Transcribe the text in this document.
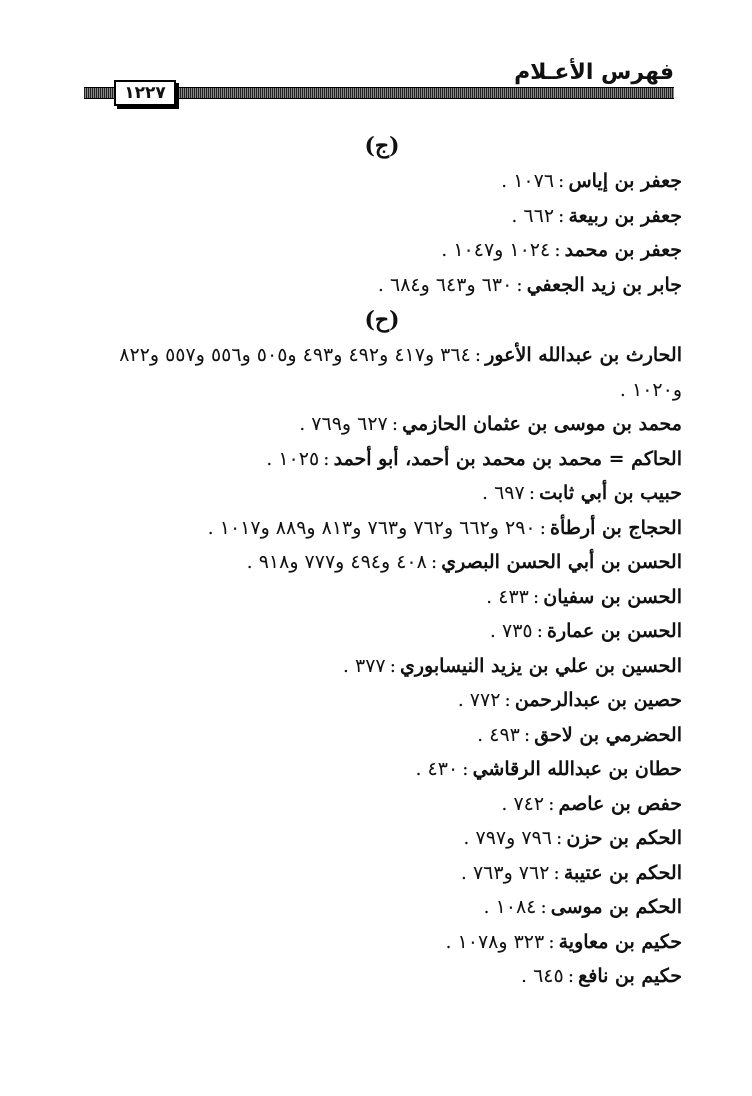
١٢٢٧
فهرس الأعـلام
(ج)
جعفر بن إياس:١٠٧٦ .
جعفر بن ربيعة:٦٦٢ .
جعفر بن محمد:١٠٢٤ و١٠٤٧ .
جابر بن زيد الجعفي:٦٣٠ و٦٤٣ و٦٨٤ .
(ح)
الحارث بن عبدالله الأعور:٣٦٤ و٤١٧ و٤٩٢ و٤٩٣ و٥٠٥ و٥٥٦ و٥٥٧ و٨٢٢ و١٠٢٠ .
محمد بن موسى بن عثمان الحازمي:٦٢٧ و٧٦٩ .
الحاكم = محمد بن محمد بن أحمد، أبو أحمد:١٠٢٥ .
حبيب بن أبي ثابت:٦٩٧ .
الحجاج بن أرطأة:٢٩٠ و٦٦٢ و٧٦٢ و٧٦٣ و٨١٣ و٨٨٩ و١٠١٧ .
الحسن بن أبي الحسن البصري:٤٠٨ و٤٩٤ و٧٧٧ و٩١٨ .
الحسن بن سفيان:٤٣٣ .
الحسن بن عمارة:٧٣٥ .
الحسين بن علي بن يزيد النيسابوري:٣٧٧ .
حصين بن عبدالرحمن:٧٧٢ .
الحضرمي بن لاحق:٤٩٣ .
حطان بن عبدالله الرقاشي:٤٣٠ .
حفص بن عاصم:٧٤٢ .
الحكم بن حزن:٧٩٦ و٧٩٧ .
الحكم بن عتيبة:٧٦٢ و٧٦٣ .
الحكم بن موسى:١٠٨٤ .
حكيم بن معاوية:٣٢٣ و١٠٧٨ .
حكيم بن نافع:٦٤٥ .
